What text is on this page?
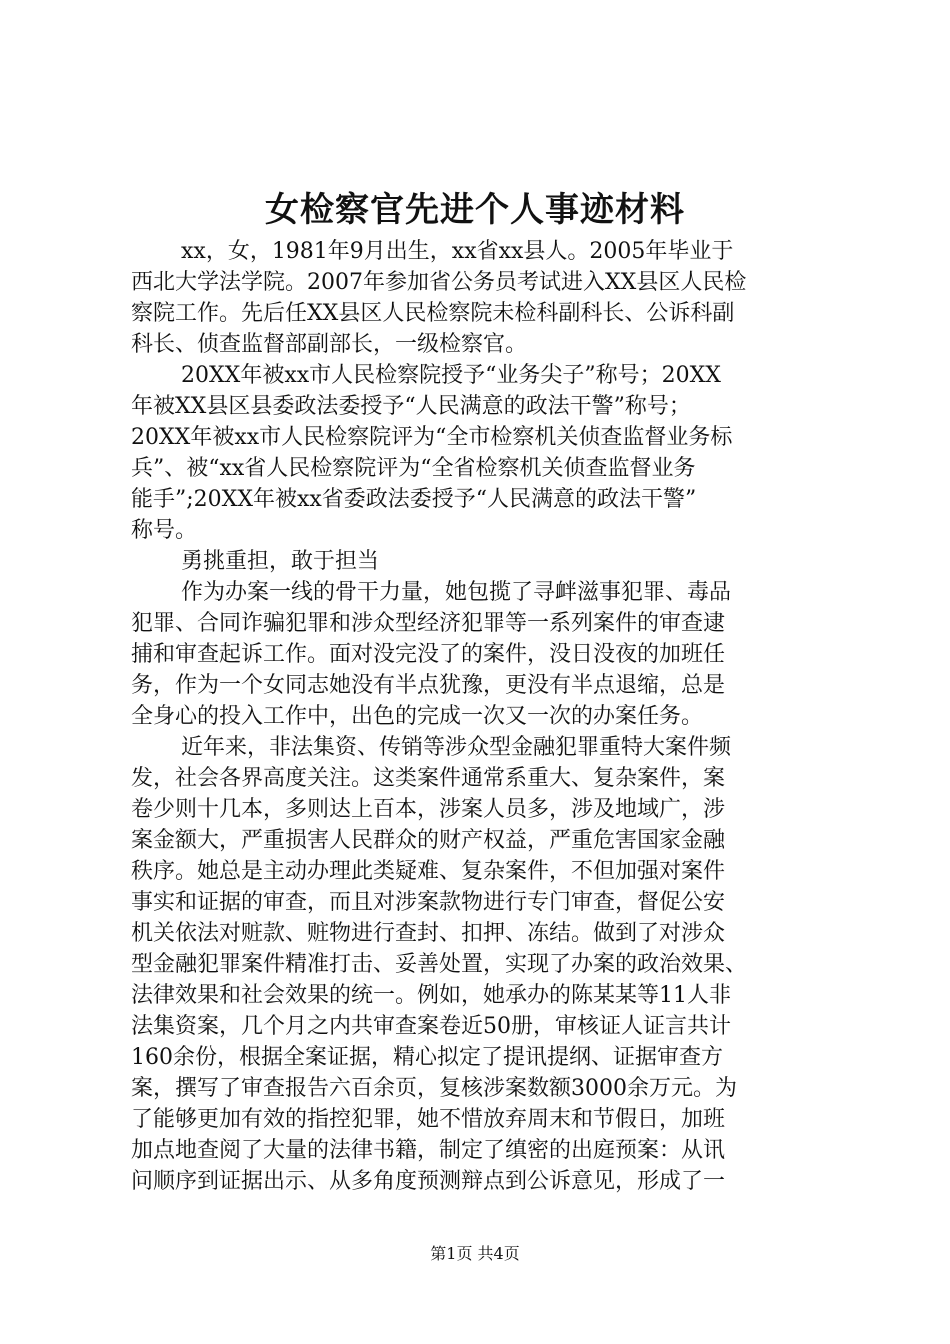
女检察官先进个人事迹材料
xx，女，1981年9月出生，xx省xx县人。2005年毕业于
西北大学法学院。2007年参加省公务员考试进入XX县区人民检
察院工作。先后任XX县区人民检察院未检科副科长、公诉科副
科长、侦查监督部副部长，一级检察官。
20XX年被xx市人民检察院授予“业务尖子”称号；20XX
年被XX县区县委政法委授予“人民满意的政法干警”称号；
20XX年被xx市人民检察院评为“全市检察机关侦查监督业务标
兵”、被“xx省人民检察院评为“全省检察机关侦查监督业务
能手”;20XX年被xx省委政法委授予“人民满意的政法干警”
称号。
勇挑重担，敢于担当
作为办案一线的骨干力量，她包揽了寻衅滋事犯罪、毒品
犯罪、合同诈骗犯罪和涉众型经济犯罪等一系列案件的审查逮
捕和审查起诉工作。面对没完没了的案件，没日没夜的加班任
务，作为一个女同志她没有半点犹豫，更没有半点退缩，总是
全身心的投入工作中，出色的完成一次又一次的办案任务。
近年来，非法集资、传销等涉众型金融犯罪重特大案件频
发，社会各界高度关注。这类案件通常系重大、复杂案件，案
卷少则十几本，多则达上百本，涉案人员多，涉及地域广，涉
案金额大，严重损害人民群众的财产权益，严重危害国家金融
秩序。她总是主动办理此类疑难、复杂案件，不但加强对案件
事实和证据的审查，而且对涉案款物进行专门审查，督促公安
机关依法对赃款、赃物进行查封、扣押、冻结。做到了对涉众
型金融犯罪案件精准打击、妥善处置，实现了办案的政治效果、
法律效果和社会效果的统一。例如，她承办的陈某某等11人非
法集资案，几个月之内共审查案卷近50册，审核证人证言共计
160余份，根据全案证据，精心拟定了提讯提纲、证据审查方
案，撰写了审查报告六百余页，复核涉案数额3000余万元。为
了能够更加有效的指控犯罪，她不惜放弃周末和节假日，加班
加点地查阅了大量的法律书籍，制定了缜密的出庭预案：从讯
问顺序到证据出示、从多角度预测辩点到公诉意见，形成了一
第1页 共4页
